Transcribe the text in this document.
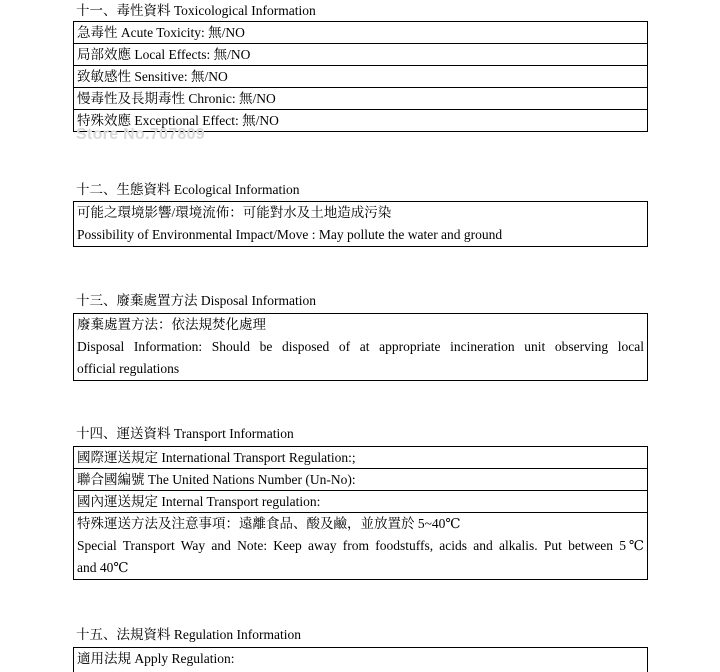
十一、毒性資料 Toxicological Information
急毒性 Acute Toxicity: 無/NO
局部效應 Local Effects: 無/NO
致敏感性 Sensitive: 無/NO
慢毒性及長期毒性 Chronic: 無/NO
特殊效應 Exceptional Effect: 無/NO
Store No.707809
十二、生態資料 Ecological Information
可能之環境影響/環境流佈：可能對水及土地造成污染
Possibility of Environmental Impact/Move : May pollute the water and ground
十三、廢棄處置方法 Disposal Information
廢棄處置方法：依法規焚化處理
Disposal Information: Should be disposed of at appropriate incineration unit observing local
official regulations
十四、運送資料 Transport Information
國際運送規定 International Transport Regulation:;
聯合國編號 The United Nations Number (Un-No):
國內運送規定 Internal Transport regulation:
特殊運送方法及注意事項：遠離食品、酸及鹼，並放置於 5~40℃
Special Transport Way and Note: Keep away from foodstuffs, acids and alkalis. Put between 5℃
and 40℃
十五、法規資料 Regulation Information
適用法規 Apply Regulation:
